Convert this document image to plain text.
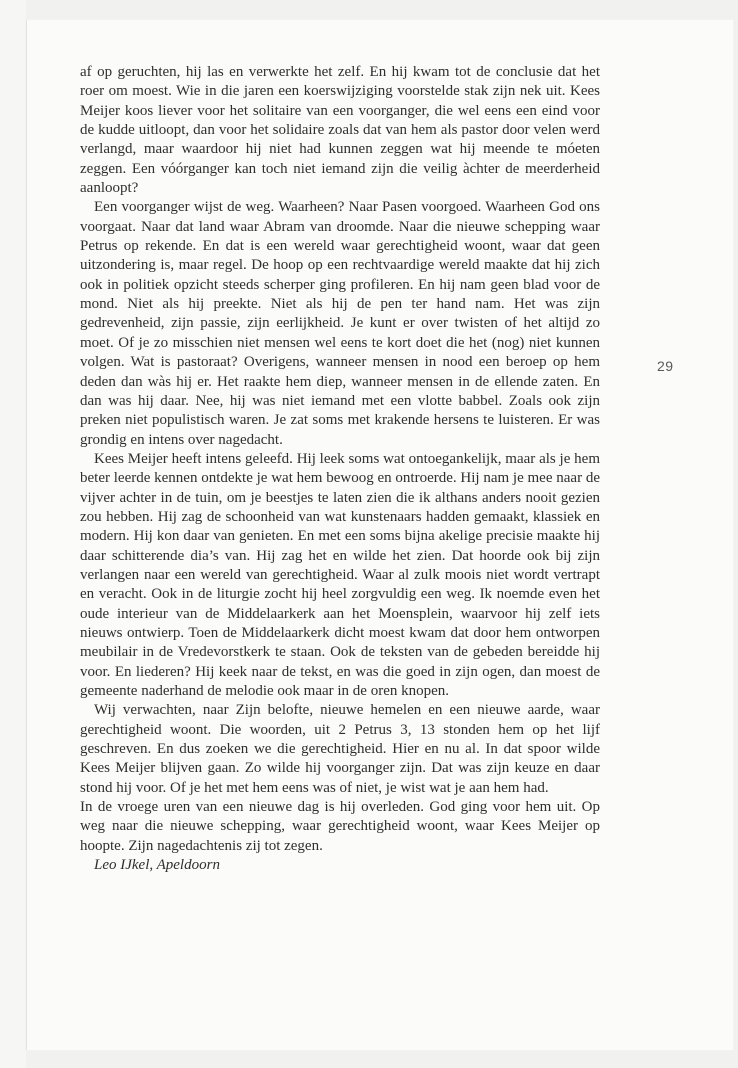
af op geruchten, hij las en verwerkte het zelf. En hij kwam tot de conclusie dat het roer om moest. Wie in die jaren een koerswijziging voorstelde stak zijn nek uit. Kees Meijer koos liever voor het solitaire van een voorganger, die wel eens een eind voor de kudde uitloopt, dan voor het solidaire zoals dat van hem als pastor door velen werd verlangd, maar waardoor hij niet had kunnen zeggen wat hij meende te móeten zeggen. Een vóórganger kan toch niet iemand zijn die veilig àchter de meerderheid aanloopt?

Een voorganger wijst de weg. Waarheen? Naar Pasen voorgoed. Waarheen God ons voorgaat. Naar dat land waar Abram van droomde. Naar die nieuwe schepping waar Petrus op rekende. En dat is een wereld waar gerechtigheid woont, waar dat geen uitzondering is, maar regel. De hoop op een rechtvaardige wereld maakte dat hij zich ook in politiek opzicht steeds scherper ging profileren. En hij nam geen blad voor de mond. Niet als hij preekte. Niet als hij de pen ter hand nam. Het was zijn gedrevenheid, zijn passie, zijn eerlijkheid. Je kunt er over twisten of het altijd zo moet. Of je zo misschien niet mensen wel eens te kort doet die het (nog) niet kunnen volgen. Wat is pastoraat? Overigens, wanneer mensen in nood een beroep op hem deden dan wàs hij er. Het raakte hem diep, wanneer mensen in de ellende zaten. En dan was hij daar. Nee, hij was niet iemand met een vlotte babbel. Zoals ook zijn preken niet populistisch waren. Je zat soms met krakende hersens te luisteren. Er was grondig en intens over nagedacht.

Kees Meijer heeft intens geleefd. Hij leek soms wat ontoegankelijk, maar als je hem beter leerde kennen ontdekte je wat hem bewoog en ontroerde. Hij nam je mee naar de vijver achter in de tuin, om je beestjes te laten zien die ik althans anders nooit gezien zou hebben. Hij zag de schoonheid van wat kunstenaars hadden gemaakt, klassiek en modern. Hij kon daar van genieten. En met een soms bijna akelige precisie maakte hij daar schitterende dia’s van. Hij zag het en wilde het zien. Dat hoorde ook bij zijn verlangen naar een wereld van gerechtigheid. Waar al zulk moois niet wordt vertrapt en veracht. Ook in de liturgie zocht hij heel zorgvuldig een weg. Ik noemde even het oude interieur van de Middelaarkerk aan het Moensplein, waarvoor hij zelf iets nieuws ontwierp. Toen de Middelaarkerk dicht moest kwam dat door hem ontworpen meubilair in de Vredevorstkerk te staan. Ook de teksten van de gebeden bereidde hij voor. En liederen? Hij keek naar de tekst, en was die goed in zijn ogen, dan moest de gemeente naderhand de melodie ook maar in de oren knopen.

Wij verwachten, naar Zijn belofte, nieuwe hemelen en een nieuwe aarde, waar gerechtigheid woont. Die woorden, uit 2 Petrus 3, 13 stonden hem op het lijf geschreven. En dus zoeken we die gerechtigheid. Hier en nu al. In dat spoor wilde Kees Meijer blijven gaan. Zo wilde hij voorganger zijn. Dat was zijn keuze en daar stond hij voor. Of je het met hem eens was of niet, je wist wat je aan hem had.

In de vroege uren van een nieuwe dag is hij overleden. God ging voor hem uit. Op weg naar die nieuwe schepping, waar gerechtigheid woont, waar Kees Meijer op hoopte. Zijn nagedachtenis zij tot zegen.

Leo IJkel, Apeldoorn

29
